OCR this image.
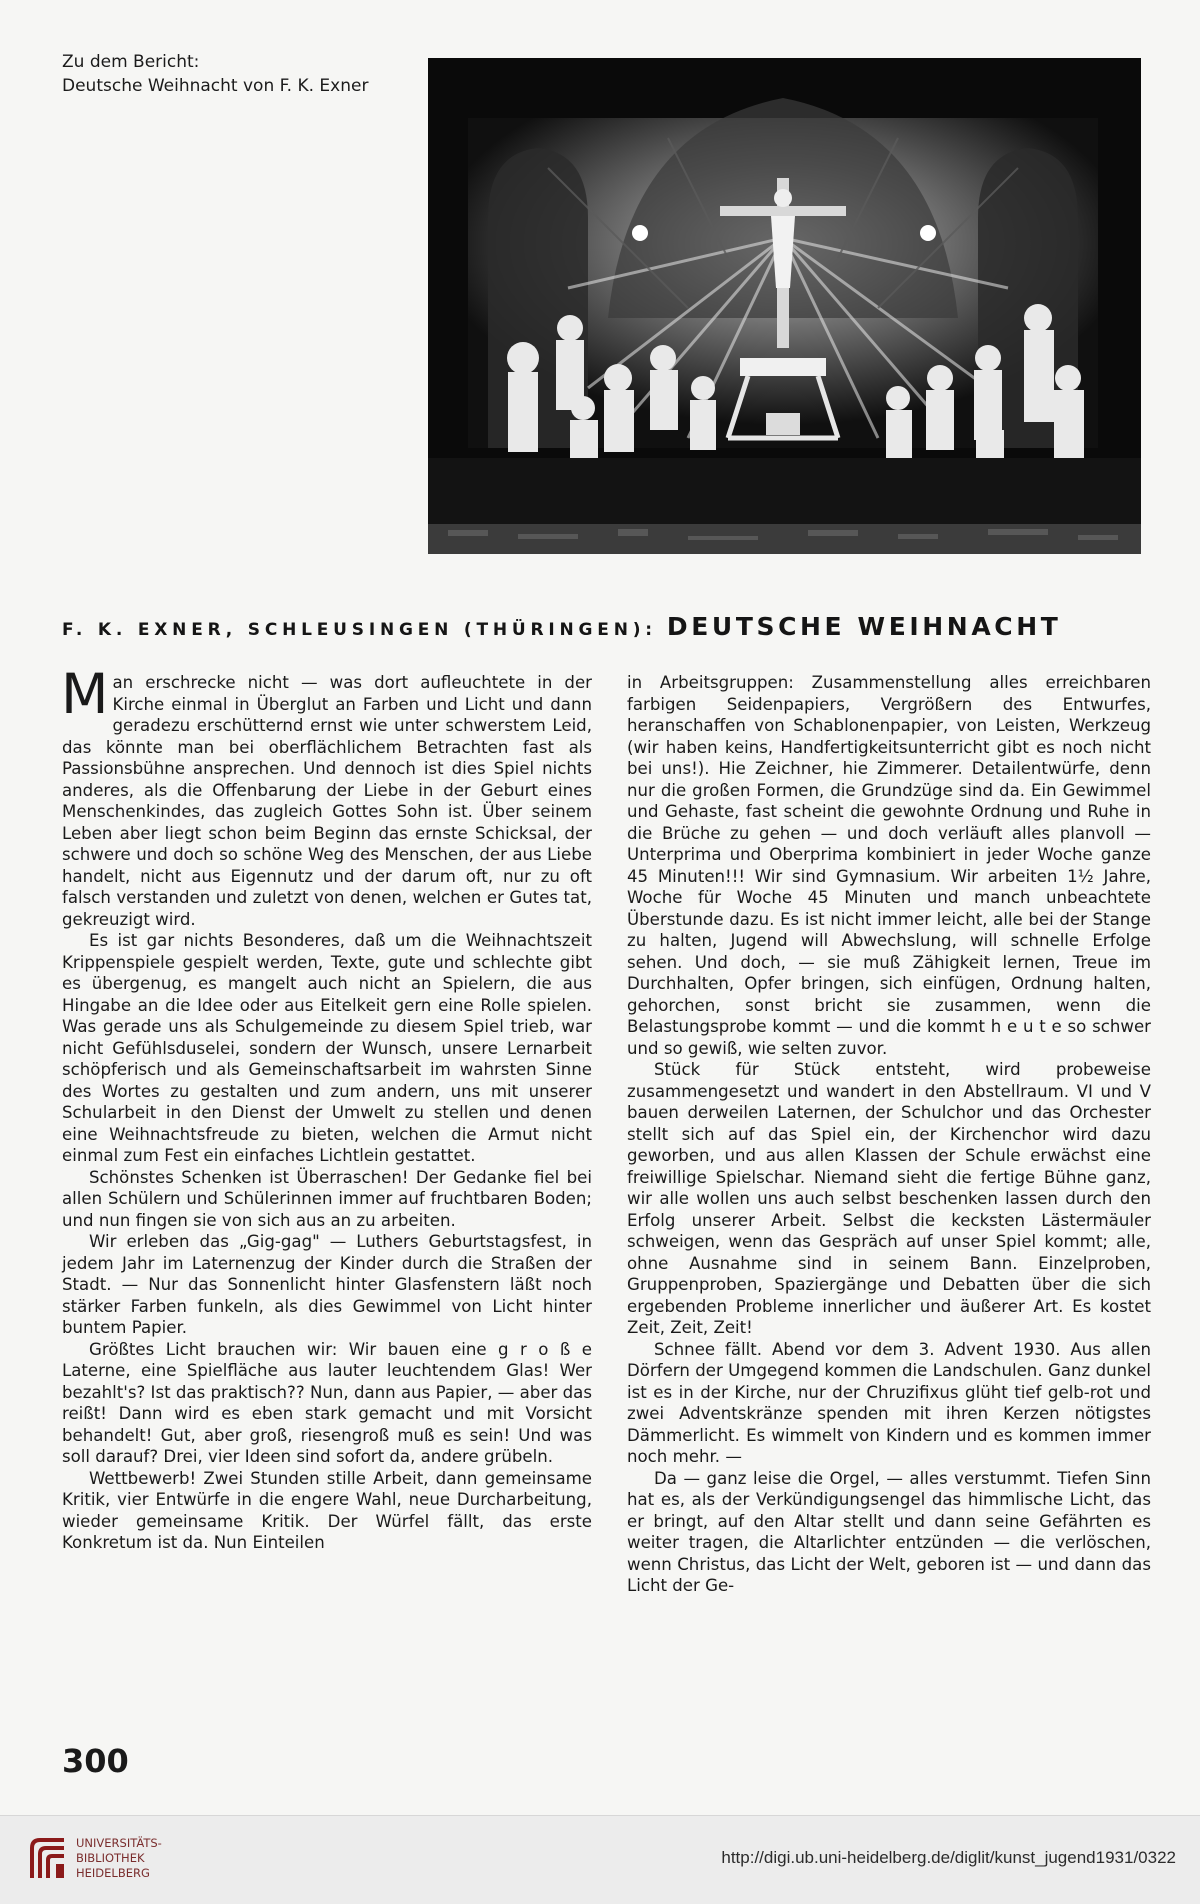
Zu dem Bericht:
Deutsche Weihnacht von F. K. Exner
F. K. EXNER, SCHLEUSINGEN (THÜRINGEN): DEUTSCHE WEIHNACHT

Man erschrecke nicht — was dort aufleuchtete in der Kirche einmal in Überglut an Farben und Licht und dann geradezu erschütternd ernst wie unter schwerstem Leid, das könnte man bei oberflächlichem Betrachten fast als Passionsbühne ansprechen. Und dennoch ist dies Spiel nichts anderes, als die Offenbarung der Liebe in der Geburt eines Menschenkindes, das zugleich Gottes Sohn ist. Über seinem Leben aber liegt schon beim Beginn das ernste Schicksal, der schwere und doch so schöne Weg des Menschen, der aus Liebe handelt, nicht aus Eigennutz und der darum oft, nur zu oft falsch verstanden und zuletzt von denen, welchen er Gutes tat, gekreuzigt wird.

Es ist gar nichts Besonderes, daß um die Weihnachtszeit Krippenspiele gespielt werden, Texte, gute und schlechte gibt es übergenug, es mangelt auch nicht an Spielern, die aus Hingabe an die Idee oder aus Eitelkeit gern eine Rolle spielen. Was gerade uns als Schulgemeinde zu diesem Spiel trieb, war nicht Gefühlsduselei, sondern der Wunsch, unsere Lernarbeit schöpferisch und als Gemeinschaftsarbeit im wahrsten Sinne des Wortes zu gestalten und zum andern, uns mit unserer Schularbeit in den Dienst der Umwelt zu stellen und denen eine Weihnachtsfreude zu bieten, welchen die Armut nicht einmal zum Fest ein einfaches Lichtlein gestattet.

Schönstes Schenken ist Überraschen! Der Gedanke fiel bei allen Schülern und Schülerinnen immer auf fruchtbaren Boden; und nun fingen sie von sich aus an zu arbeiten.

Wir erleben das „Gig-gag" — Luthers Geburtstagsfest, in jedem Jahr im Laternenzug der Kinder durch die Straßen der Stadt. — Nur das Sonnenlicht hinter Glasfenstern läßt noch stärker Farben funkeln, als dies Gewimmel von Licht hinter buntem Papier.

Größtes Licht brauchen wir: Wir bauen eine g r o ß e Laterne, eine Spielfläche aus lauter leuchtendem Glas! Wer bezahlt's? Ist das praktisch?? Nun, dann aus Papier, — aber das reißt! Dann wird es eben stark gemacht und mit Vorsicht behandelt! Gut, aber groß, riesengroß muß es sein! Und was soll darauf? Drei, vier Ideen sind sofort da, andere grübeln.

Wettbewerb! Zwei Stunden stille Arbeit, dann gemeinsame Kritik, vier Entwürfe in die engere Wahl, neue Durcharbeitung, wieder gemeinsame Kritik. Der Würfel fällt, das erste Konkretum ist da. Nun Einteilen

in Arbeitsgruppen: Zusammenstellung alles erreichbaren farbigen Seidenpapiers, Vergrößern des Entwurfes, heranschaffen von Schablonenpapier, von Leisten, Werkzeug (wir haben keins, Handfertigkeitsunterricht gibt es noch nicht bei uns!). Hie Zeichner, hie Zimmerer. Detailentwürfe, denn nur die großen Formen, die Grundzüge sind da. Ein Gewimmel und Gehaste, fast scheint die gewohnte Ordnung und Ruhe in die Brüche zu gehen — und doch verläuft alles planvoll — Unterprima und Oberprima kombiniert in jeder Woche ganze 45 Minuten!!! Wir sind Gymnasium. Wir arbeiten 1½ Jahre, Woche für Woche 45 Minuten und manch unbeachtete Überstunde dazu. Es ist nicht immer leicht, alle bei der Stange zu halten, Jugend will Abwechslung, will schnelle Erfolge sehen. Und doch, — sie muß Zähigkeit lernen, Treue im Durchhalten, Opfer bringen, sich einfügen, Ordnung halten, gehorchen, sonst bricht sie zusammen, wenn die Belastungsprobe kommt — und die kommt h e u t e so schwer und so gewiß, wie selten zuvor.

Stück für Stück entsteht, wird probeweise zusammengesetzt und wandert in den Abstellraum. VI und V bauen derweilen Laternen, der Schulchor und das Orchester stellt sich auf das Spiel ein, der Kirchenchor wird dazu geworben, und aus allen Klassen der Schule erwächst eine freiwillige Spielschar. Niemand sieht die fertige Bühne ganz, wir alle wollen uns auch selbst beschenken lassen durch den Erfolg unserer Arbeit. Selbst die kecksten Lästermäuler schweigen, wenn das Gespräch auf unser Spiel kommt; alle, ohne Ausnahme sind in seinem Bann. Einzelproben, Gruppenproben, Spaziergänge und Debatten über die sich ergebenden Probleme innerlicher und äußerer Art. Es kostet Zeit, Zeit, Zeit!

Schnee fällt. Abend vor dem 3. Advent 1930. Aus allen Dörfern der Umgegend kommen die Landschulen. Ganz dunkel ist es in der Kirche, nur der Chruzifixus glüht tief gelb-rot und zwei Adventskränze spenden mit ihren Kerzen nötigstes Dämmerlicht. Es wimmelt von Kindern und es kommen immer noch mehr. —

Da — ganz leise die Orgel, — alles verstummt. Tiefen Sinn hat es, als der Verkündigungsengel das himmlische Licht, das er bringt, auf den Altar stellt und dann seine Gefährten es weiter tragen, die Altarlichter entzünden — die verlöschen, wenn Christus, das Licht der Welt, geboren ist — und dann das Licht der Ge-

300
UNIVERSITÄTS-
BIBLIOTHEK
HEIDELBERG
http://digi.ub.uni-heidelberg.de/diglit/kunst_jugend1931/0322
